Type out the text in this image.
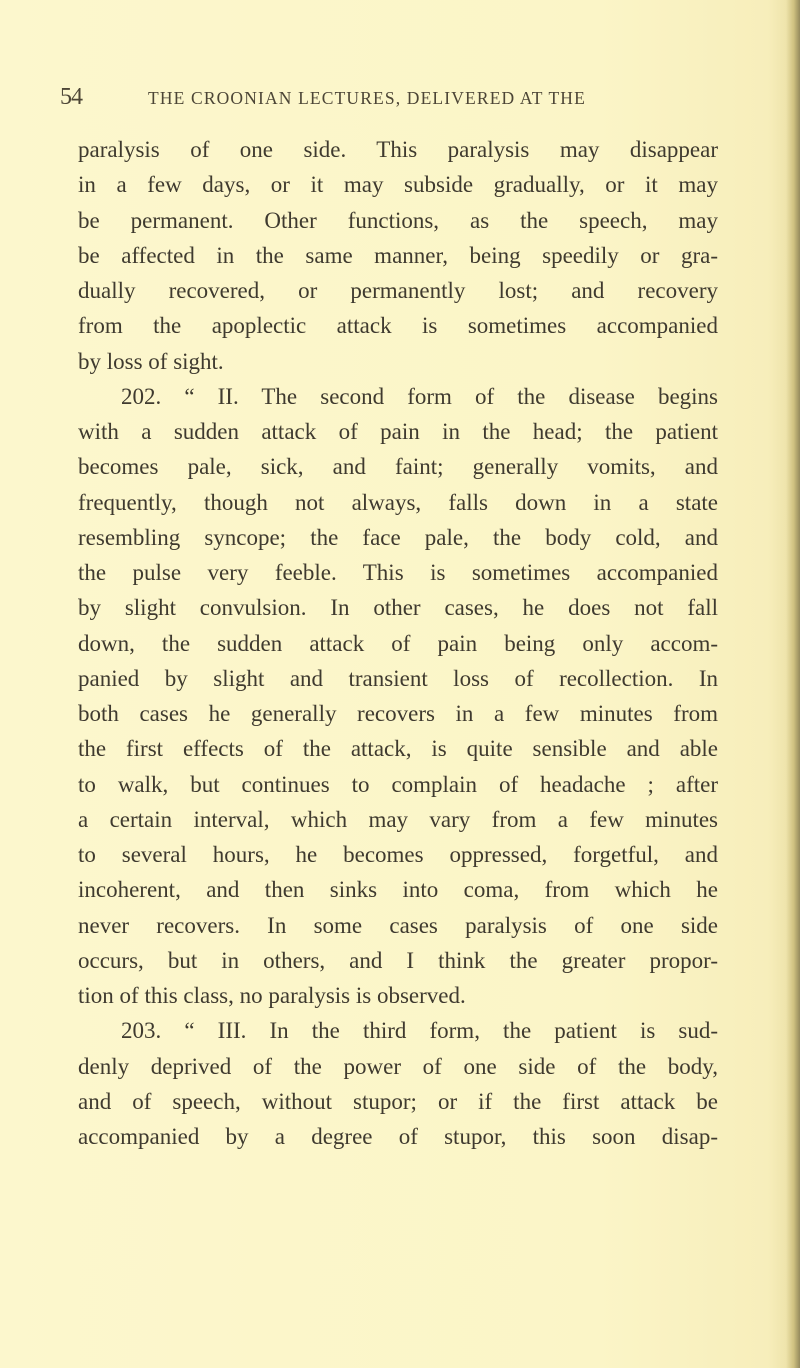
54	THE CROONIAN LECTURES, DELIVERED AT THE
paralysis of one side. This paralysis may disappear
in a few days, or it may subside gradually, or it may
be permanent. Other functions, as the speech, may
be affected in the same manner, being speedily or gra-
dually recovered, or permanently lost; and recovery
from the apoplectic attack is sometimes accompanied
by loss of sight.
202. “ II. The second form of the disease begins
with a sudden attack of pain in the head; the patient
becomes pale, sick, and faint; generally vomits, and
frequently, though not always, falls down in a state
resembling syncope; the face pale, the body cold, and
the pulse very feeble. This is sometimes accompanied
by slight convulsion. In other cases, he does not fall
down, the sudden attack of pain being only accom-
panied by slight and transient loss of recollection. In
both cases he generally recovers in a few minutes from
the first effects of the attack, is quite sensible and able
to walk, but continues to complain of headache ; after
a certain interval, which may vary from a few minutes
to several hours, he becomes oppressed, forgetful, and
incoherent, and then sinks into coma, from which he
never recovers. In some cases paralysis of one side
occurs, but in others, and I think the greater propor-
tion of this class, no paralysis is observed.
203. “ III. In the third form, the patient is sud-
denly deprived of the power of one side of the body,
and of speech, without stupor; or if the first attack be
accompanied by a degree of stupor, this soon disap-
